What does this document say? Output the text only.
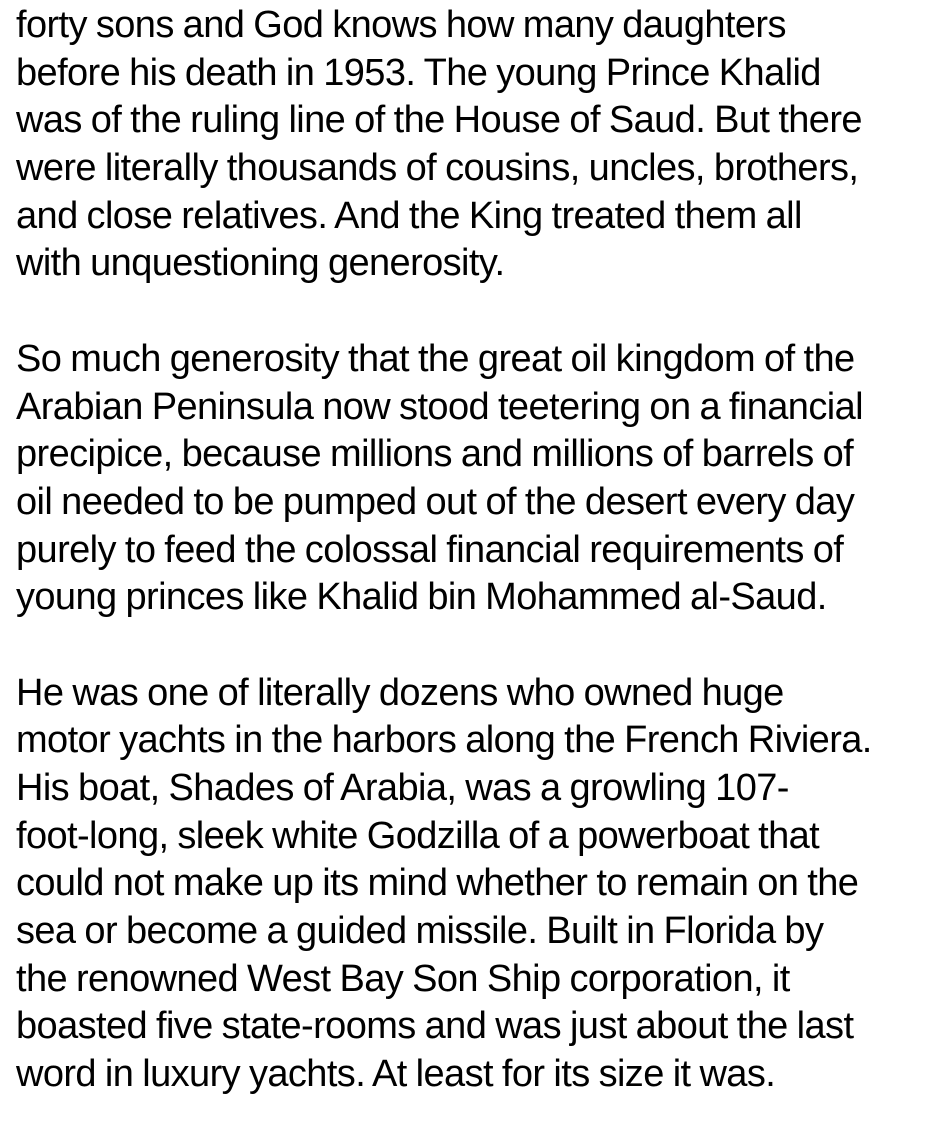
forty sons and God knows how many daughters
before his death in 1953. The young Prince Khalid
was of the ruling line of the House of Saud. But there
were literally thousands of cousins, uncles, brothers,
and close relatives. And the King treated them all
with unquestioning generosity.

So much generosity that the great oil kingdom of the
Arabian Peninsula now stood teetering on a financial
precipice, because millions and millions of barrels of
oil needed to be pumped out of the desert every day
purely to feed the colossal financial requirements of
young princes like Khalid bin Mohammed al-Saud.

He was one of literally dozens who owned huge
motor yachts in the harbors along the French Riviera.
His boat, Shades of Arabia, was a growling 107-
foot-long, sleek white Godzilla of a powerboat that
could not make up its mind whether to remain on the
sea or become a guided missile. Built in Florida by
the renowned West Bay Son Ship corporation, it
boasted five state-rooms and was just about the last
word in luxury yachts. At least for its size it was.
